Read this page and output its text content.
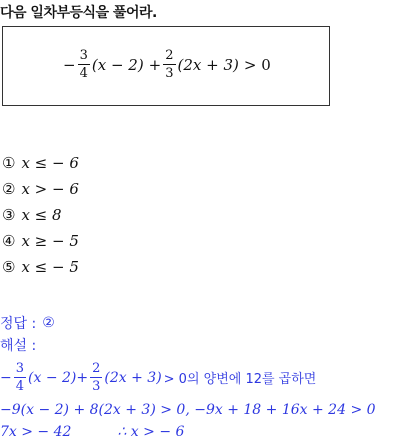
다음 일차부등식을 풀어라.
− $\frac{3}{4} (x - 2) + \frac{2}{3} (2x + 3) > 0$
① x ≤ − 6
② x > − 6
③ x ≤ 8
④ x ≥ − 5
⑤ x ≤ − 5
정답 : ②
해설 :
− $\frac{3}{4} (x - 2) + \frac{2}{3} (2x + 3) > 0$의 양변에 12를 곱하면
−9(x − 2) + 8(2x + 3) > 0, −9x + 18 + 16x + 24 > 0
7x > − 42	∴ x > − 6
